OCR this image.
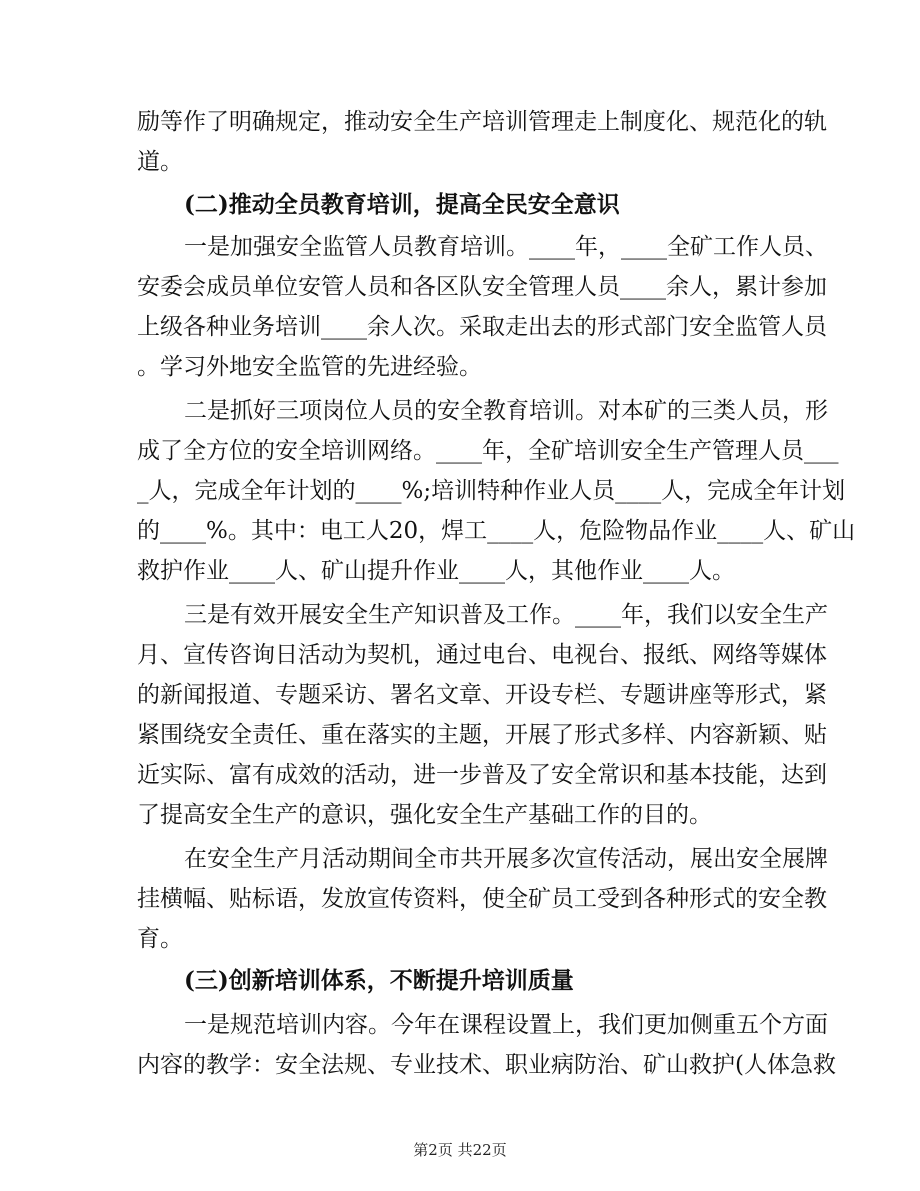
励等作了明确规定，推动安全生产培训管理走上制度化、规范化的轨
道。
(二)推动全员教育培训，提高全民安全意识
一是加强安全监管人员教育培训。____年，____全矿工作人员、
安委会成员单位安管人员和各区队安全管理人员____余人，累计参加
上级各种业务培训____余人次。采取走出去的形式部门安全监管人员
。学习外地安全监管的先进经验。
二是抓好三项岗位人员的安全教育培训。对本矿的三类人员，形
成了全方位的安全培训网络。____年，全矿培训安全生产管理人员___
_人，完成全年计划的____%;培训特种作业人员____人，完成全年计划
的____%。其中：电工人20，焊工____人，危险物品作业____人、矿山
救护作业____人、矿山提升作业____人，其他作业____人。
三是有效开展安全生产知识普及工作。____年，我们以安全生产
月、宣传咨询日活动为契机，通过电台、电视台、报纸、网络等媒体
的新闻报道、专题采访、署名文章、开设专栏、专题讲座等形式，紧
紧围绕安全责任、重在落实的主题，开展了形式多样、内容新颖、贴
近实际、富有成效的活动，进一步普及了安全常识和基本技能，达到
了提高安全生产的意识，强化安全生产基础工作的目的。
在安全生产月活动期间全市共开展多次宣传活动，展出安全展牌
挂横幅、贴标语，发放宣传资料，使全矿员工受到各种形式的安全教
育。
(三)创新培训体系，不断提升培训质量
一是规范培训内容。今年在课程设置上，我们更加侧重五个方面
内容的教学：安全法规、专业技术、职业病防治、矿山救护(人体急救
第2页 共22页
